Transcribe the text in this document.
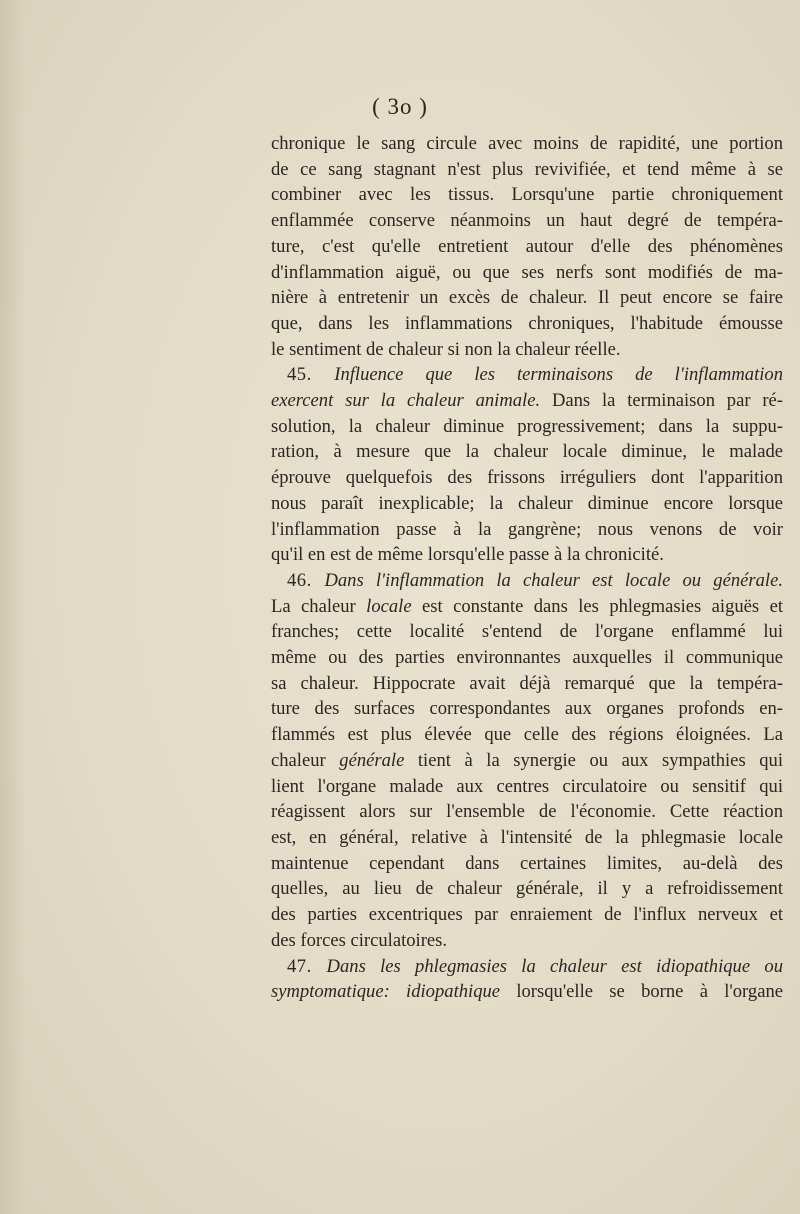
( 3o )
chronique le sang circule avec moins de rapidité, une portion
de ce sang stagnant n'est plus revivifiée, et tend même à se
combiner avec les tissus. Lorsqu'une partie chroniquement
enflammée conserve néanmoins un haut degré de tempéra-
ture, c'est qu'elle entretient autour d'elle des phénomènes
d'inflammation aiguë, ou que ses nerfs sont modifiés de ma-
nière à entretenir un excès de chaleur. Il peut encore se faire
que, dans les inflammations chroniques, l'habitude émousse
le sentiment de chaleur si non la chaleur réelle.
45. Influence que les terminaisons de l'inflammation
exercent sur la chaleur animale. Dans la terminaison par ré-
solution, la chaleur diminue progressivement; dans la suppu-
ration, à mesure que la chaleur locale diminue, le malade
éprouve quelquefois des frissons irréguliers dont l'apparition
nous paraît inexplicable; la chaleur diminue encore lorsque
l'inflammation passe à la gangrène; nous venons de voir
qu'il en est de même lorsqu'elle passe à la chronicité.
46. Dans l'inflammation la chaleur est locale ou générale.
La chaleur locale est constante dans les phlegmasies aiguës et
franches; cette localité s'entend de l'organe enflammé lui
même ou des parties environnantes auxquelles il communique
sa chaleur. Hippocrate avait déjà remarqué que la tempéra-
ture des surfaces correspondantes aux organes profonds en-
flammés est plus élevée que celle des régions éloignées. La
chaleur générale tient à la synergie ou aux sympathies qui
lient l'organe malade aux centres circulatoire ou sensitif qui
réagissent alors sur l'ensemble de l'économie. Cette réaction
est, en général, relative à l'intensité de la phlegmasie locale
maintenue cependant dans certaines limites, au-delà des
quelles, au lieu de chaleur générale, il y a refroidissement
des parties excentriques par enraiement de l'influx nerveux et
des forces circulatoires.
47. Dans les phlegmasies la chaleur est idiopathique ou
symptomatique: idiopathique lorsqu'elle se borne à l'organe
